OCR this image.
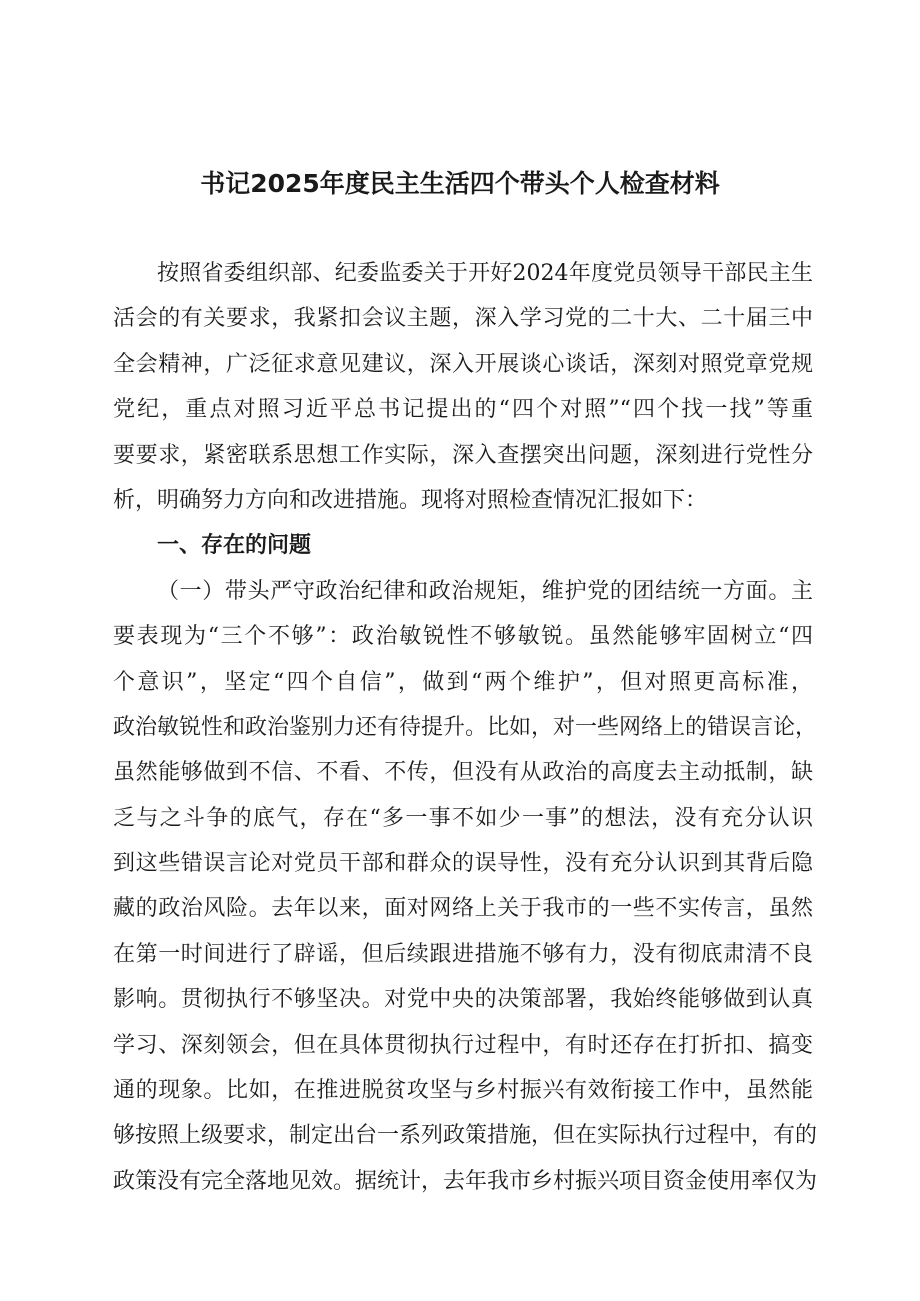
书记2025年度民主生活四个带头个人检查材料
按照省委组织部、纪委监委关于开好2024年度党员领导干部民主生
活会的有关要求，我紧扣会议主题，深入学习党的二十大、二十届三中
全会精神，广泛征求意见建议，深入开展谈心谈话，深刻对照党章党规
党纪，重点对照习近平总书记提出的“四个对照”“四个找一找”等重
要要求，紧密联系思想工作实际，深入查摆突出问题，深刻进行党性分
析，明确努力方向和改进措施。现将对照检查情况汇报如下：
一、存在的问题
（一）带头严守政治纪律和政治规矩，维护党的团结统一方面。主
要表现为“三个不够”：政治敏锐性不够敏锐。虽然能够牢固树立“四
个意识”，坚定“四个自信”，做到“两个维护”，但对照更高标准，
政治敏锐性和政治鉴别力还有待提升。比如，对一些网络上的错误言论，
虽然能够做到不信、不看、不传，但没有从政治的高度去主动抵制，缺
乏与之斗争的底气，存在“多一事不如少一事”的想法，没有充分认识
到这些错误言论对党员干部和群众的误导性，没有充分认识到其背后隐
藏的政治风险。去年以来，面对网络上关于我市的一些不实传言，虽然
在第一时间进行了辟谣，但后续跟进措施不够有力，没有彻底肃清不良
影响。贯彻执行不够坚决。对党中央的决策部署，我始终能够做到认真
学习、深刻领会，但在具体贯彻执行过程中，有时还存在打折扣、搞变
通的现象。比如，在推进脱贫攻坚与乡村振兴有效衔接工作中，虽然能
够按照上级要求，制定出台一系列政策措施，但在实际执行过程中，有的
政策没有完全落地见效。据统计，去年我市乡村振兴项目资金使用率仅为
